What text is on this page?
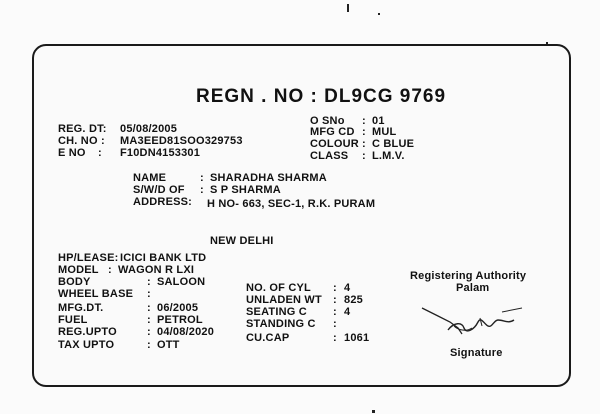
REGN . NO : DL9CG 9769
REG. DT: 05/08/2005
CH. NO : MA3EED81SOO329753
E NO : F10DN4153301
O SNo : 01
MFG CD : MUL
COLOUR : C BLUE
CLASS : L.M.V.
NAME	: SHARADHA SHARMA
S/W/D OF : S P SHARMA
ADDRESS: H NO- 663, SEC-1, R.K. PURAM
NEW DELHI
HP/LEASE: ICICI BANK LTD
MODEL : WAGON R LXI
BODY	: SALOON
WHEEL BASE :
MFG.DT.	: 06/2005
FUEL	: PETROL
REG.UPTO	: 04/08/2020
TAX UPTO	: OTT
NO. OF CYL : 4
UNLADEN WT : 825
SEATING C : 4
STANDING C :
CU.CAP	: 1061
Registering Authority
Palam
Signature
